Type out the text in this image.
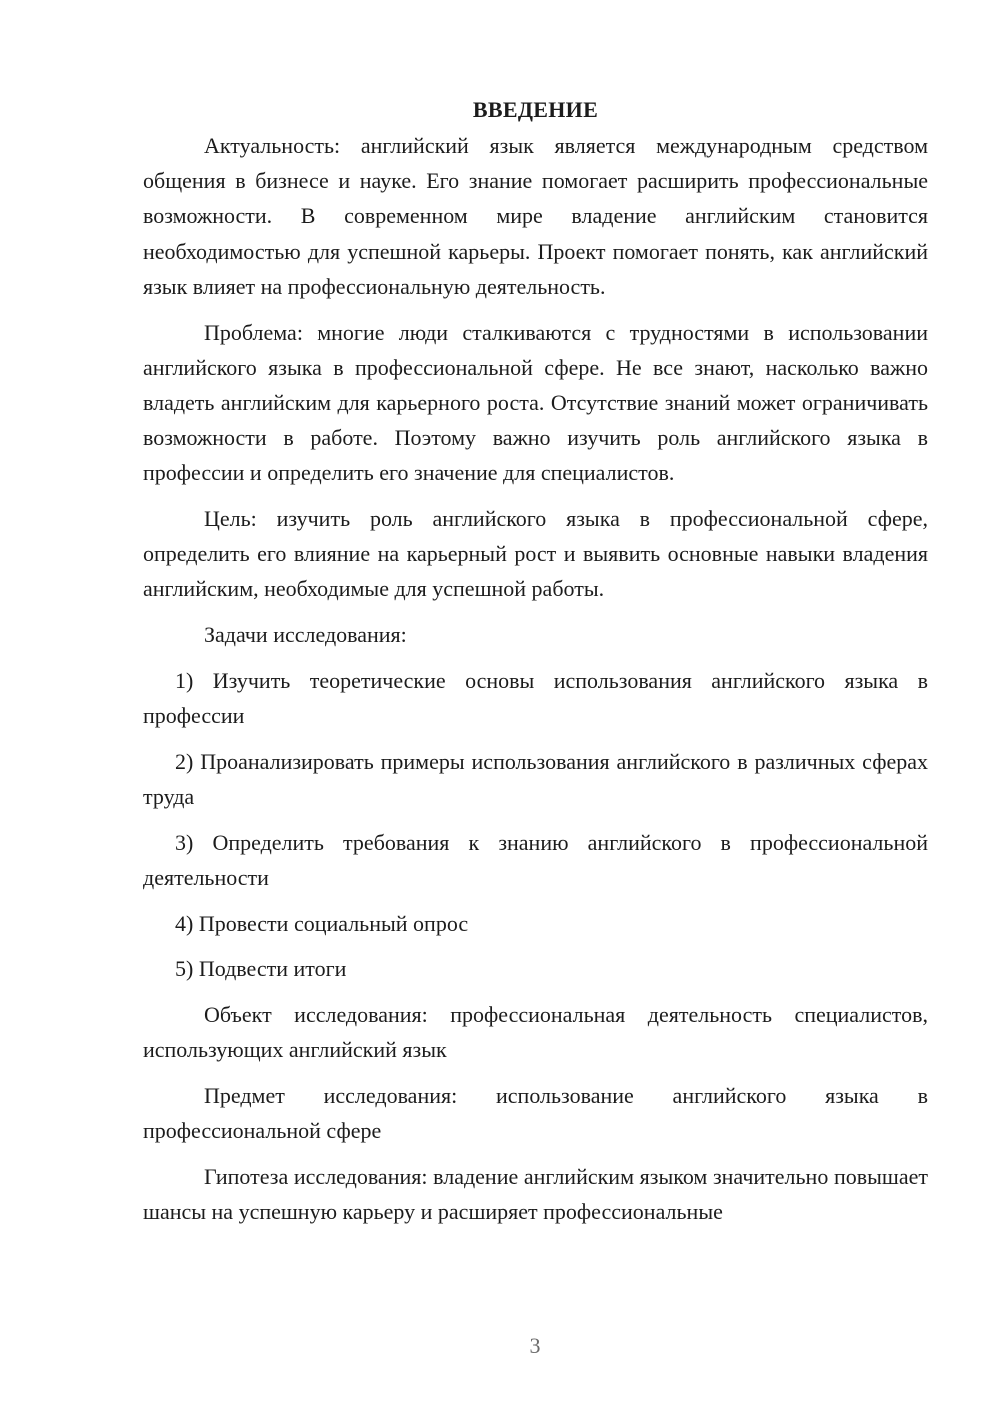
ВВЕДЕНИЕ

Актуальность: английский язык является международным средством общения в бизнесе и науке. Его знание помогает расширить профессиональные возможности. В современном мире владение английским становится необходимостью для успешной карьеры. Проект помогает понять, как английский язык влияет на профессиональную деятельность.

Проблема: многие люди сталкиваются с трудностями в использовании английского языка в профессиональной сфере. Не все знают, насколько важно владеть английским для карьерного роста. Отсутствие знаний может ограничивать возможности в работе. Поэтому важно изучить роль английского языка в профессии и определить его значение для специалистов.

Цель: изучить роль английского языка в профессиональной сфере, определить его влияние на карьерный рост и выявить основные навыки владения английским, необходимые для успешной работы.

Задачи исследования:

1) Изучить теоретические основы использования английского языка в профессии

2) Проанализировать примеры использования английского в различных сферах труда

3) Определить требования к знанию английского в профессиональной деятельности

4) Провести социальный опрос

5) Подвести итоги

Объект исследования: профессиональная деятельность специалистов, использующих английский язык

Предмет исследования: использование английского языка в профессиональной сфере

Гипотеза исследования: владение английским языком значительно повышает шансы на успешную карьеру и расширяет профессиональные

3
